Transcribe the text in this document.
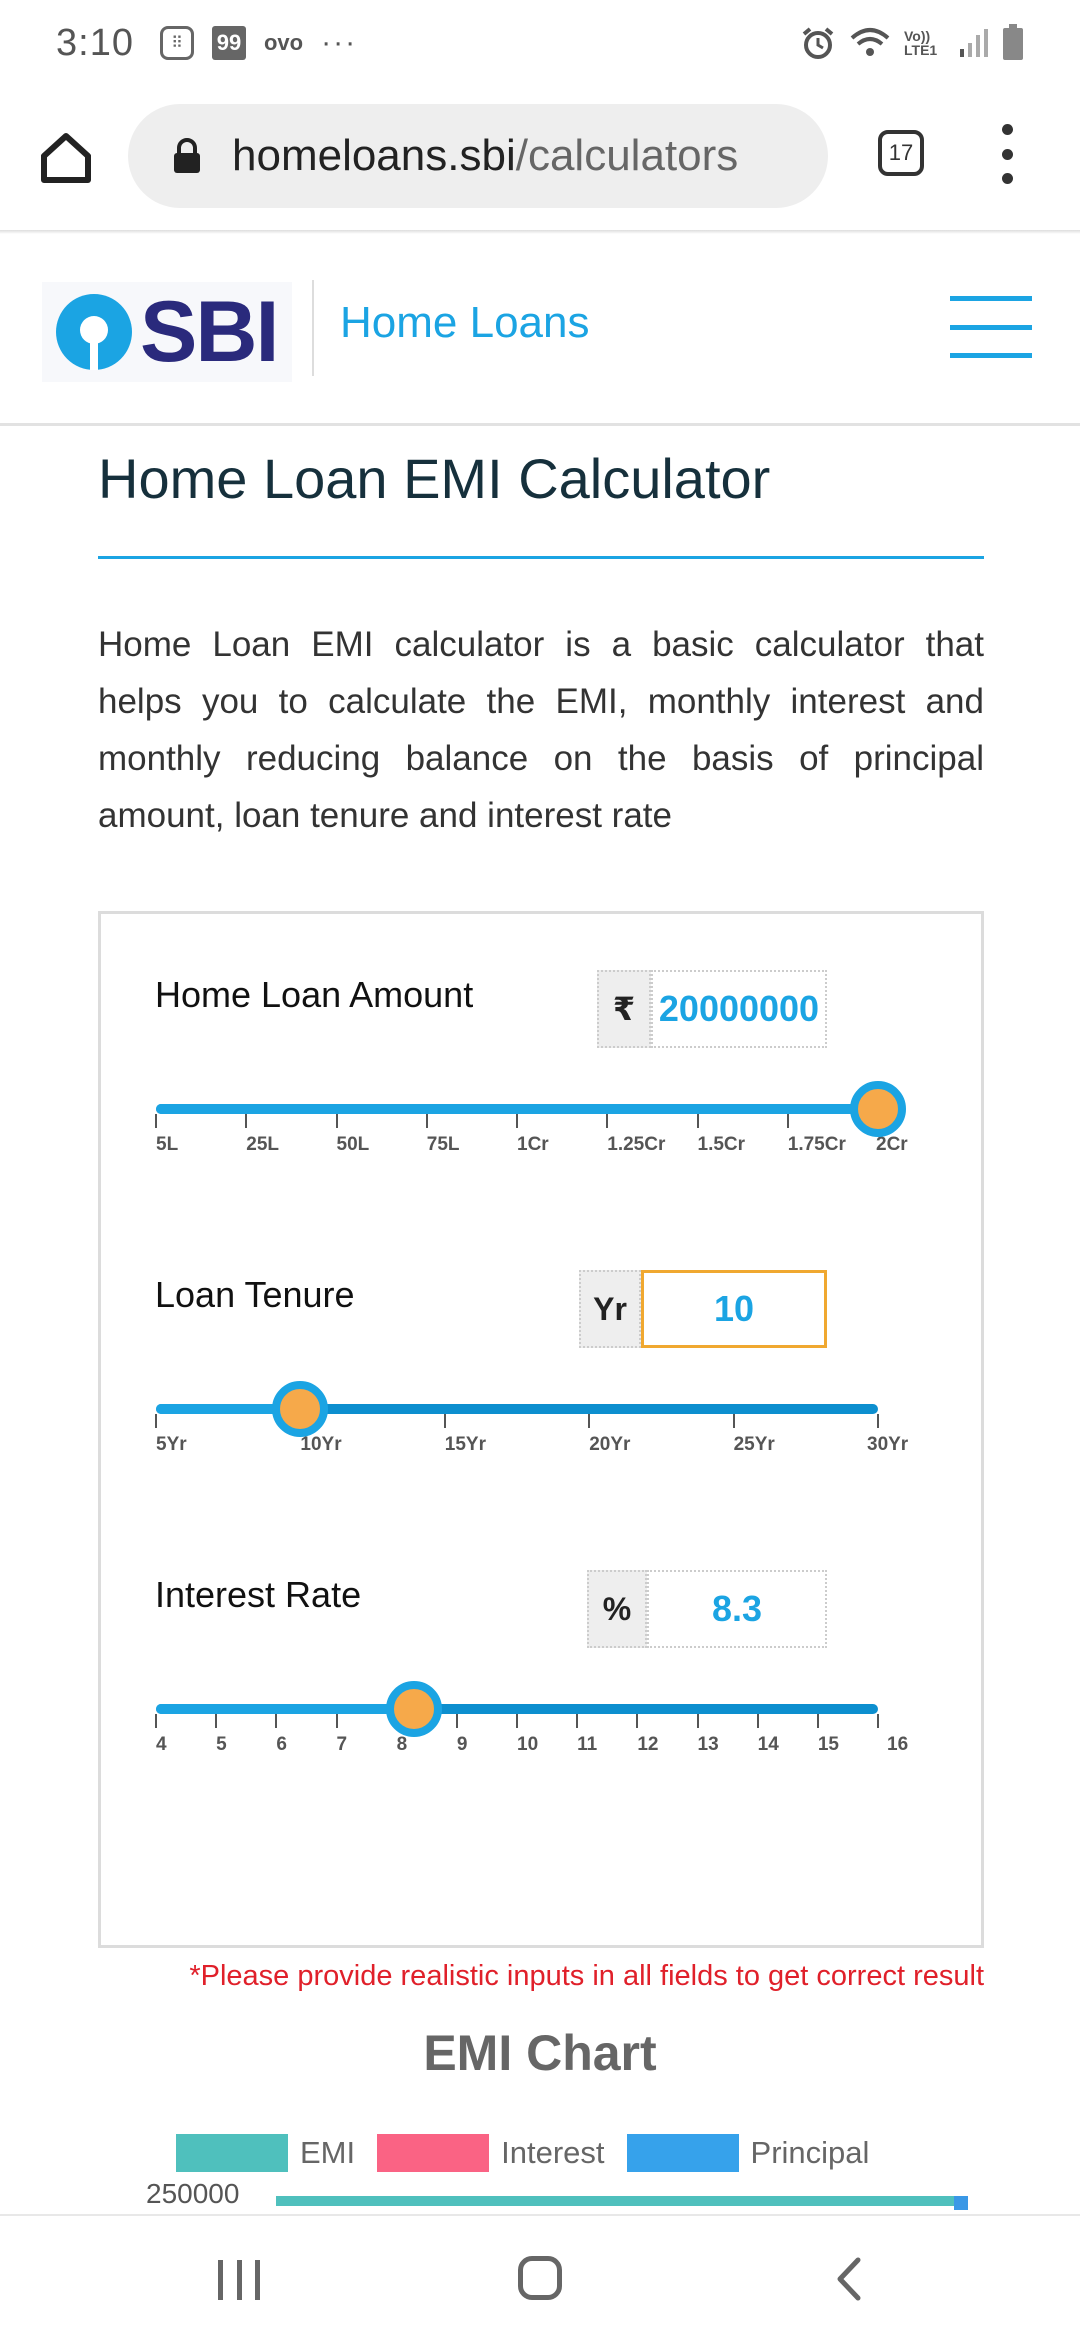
3:10	⠿	99 ovo ···	Vo)) LTE1
homeloans.sbi/calculators	17
SBI Home Loans
Home Loan EMI Calculator

Home Loan EMI calculator is a basic calculator that helps you to calculate the EMI, monthly interest and monthly reducing balance on the basis of principal amount, loan tenure and interest rate

Home Loan Amount	₹ 20000000
5L	25L	50L	75L	1Cr	1.25Cr 1.5Cr 1.75Cr 2Cr
Loan Tenure	Yr	10
5Yr	10Yr	15Yr	20Yr	25Yr	30Yr
Interest Rate	%	8.3
4	5	6	7	8	9	10 11 12 13 14 15	16

*Please provide realistic inputs in all fields to get correct result

EMI Chart
EMI	Interest	Principal
250000
